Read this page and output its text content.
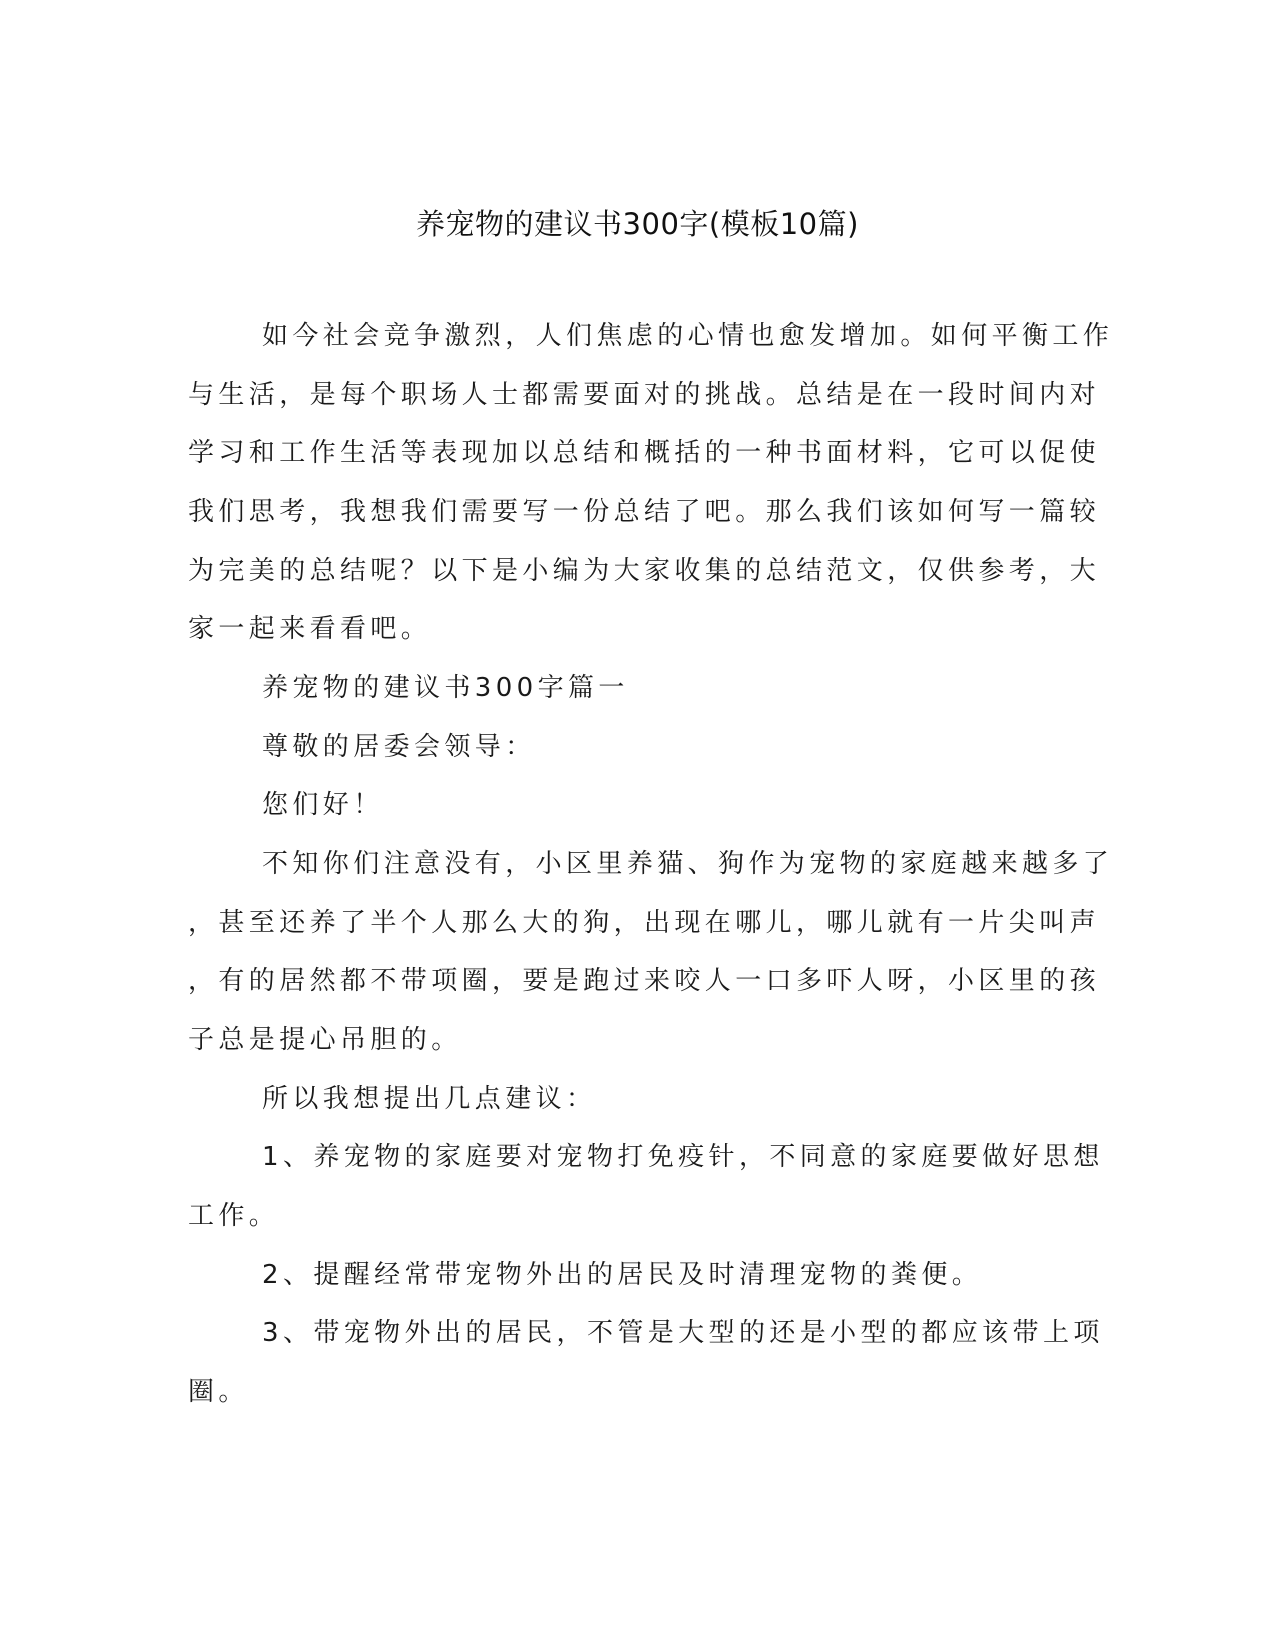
养宠物的建议书300字(模板10篇)
如今社会竞争激烈，人们焦虑的心情也愈发增加。如何平衡工作
与生活，是每个职场人士都需要面对的挑战。总结是在一段时间内对
学习和工作生活等表现加以总结和概括的一种书面材料，它可以促使
我们思考，我想我们需要写一份总结了吧。那么我们该如何写一篇较
为完美的总结呢？以下是小编为大家收集的总结范文，仅供参考，大
家一起来看看吧。
养宠物的建议书300字篇一
尊敬的居委会领导：
您们好！
不知你们注意没有，小区里养猫、狗作为宠物的家庭越来越多了
，甚至还养了半个人那么大的狗，出现在哪儿，哪儿就有一片尖叫声
，有的居然都不带项圈，要是跑过来咬人一口多吓人呀，小区里的孩
子总是提心吊胆的。
所以我想提出几点建议：
1、养宠物的家庭要对宠物打免疫针，不同意的家庭要做好思想
工作。
2、提醒经常带宠物外出的居民及时清理宠物的粪便。
3、带宠物外出的居民，不管是大型的还是小型的都应该带上项
圈。
